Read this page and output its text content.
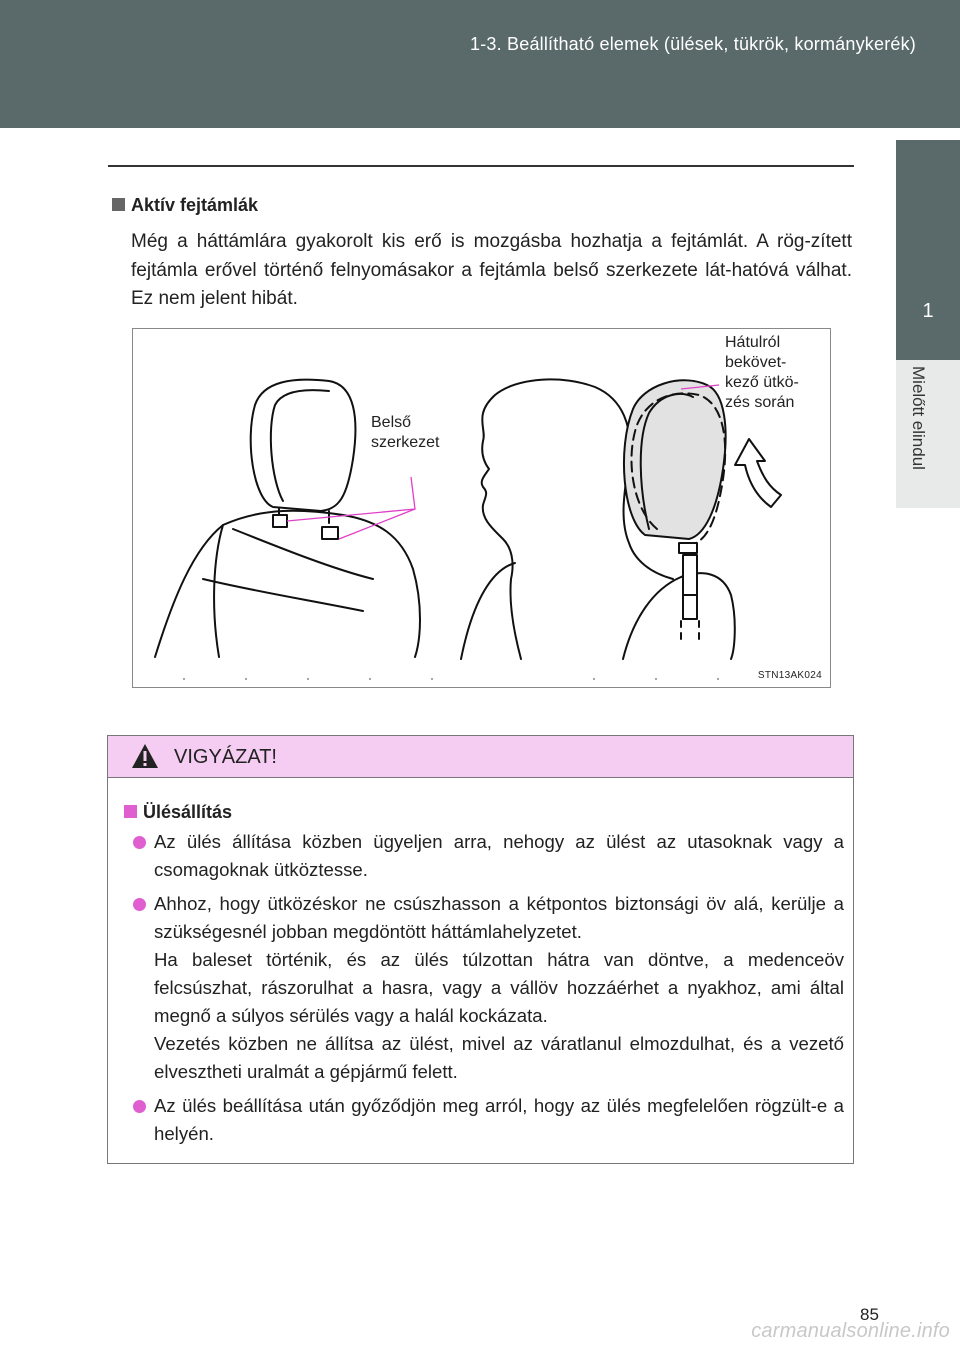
1-3. Beállítható elemek (ülések, tükrök, kormánykerék)
1
Mielőtt elindul
Aktív fejtámlák
Még a háttámlára gyakorolt kis erő is mozgásba hozhatja a fejtámlát. A rög-zített fejtámla erővel történő felnyomásakor a fejtámla belső szerkezete lát-hatóvá válhat. Ez nem jelent hibát.
Belső
szerkezet
Hátulról
bekövet-
kező ütkö-
zés során
STN13AK024
VIGYÁZAT!
Ülésállítás
Az ülés állítása közben ügyeljen arra, nehogy az ülést az utasoknak vagy a csomagoknak ütköztesse.
Ahhoz, hogy ütközéskor ne csúszhasson a kétpontos biztonsági öv alá, kerülje a szükségesnél jobban megdöntött háttámlahelyzetet.
Ha baleset történik, és az ülés túlzottan hátra van döntve, a medenceöv felcsúszhat, rászorulhat a hasra, vagy a vállöv hozzáérhet a nyakhoz, ami által megnő a súlyos sérülés vagy a halál kockázata.
Vezetés közben ne állítsa az ülést, mivel az váratlanul elmozdulhat, és a vezető elvesztheti uralmát a gépjármű felett.
Az ülés beállítása után győződjön meg arról, hogy az ülés megfelelően rögzült-e a helyén.
85
carmanualsonline.info
